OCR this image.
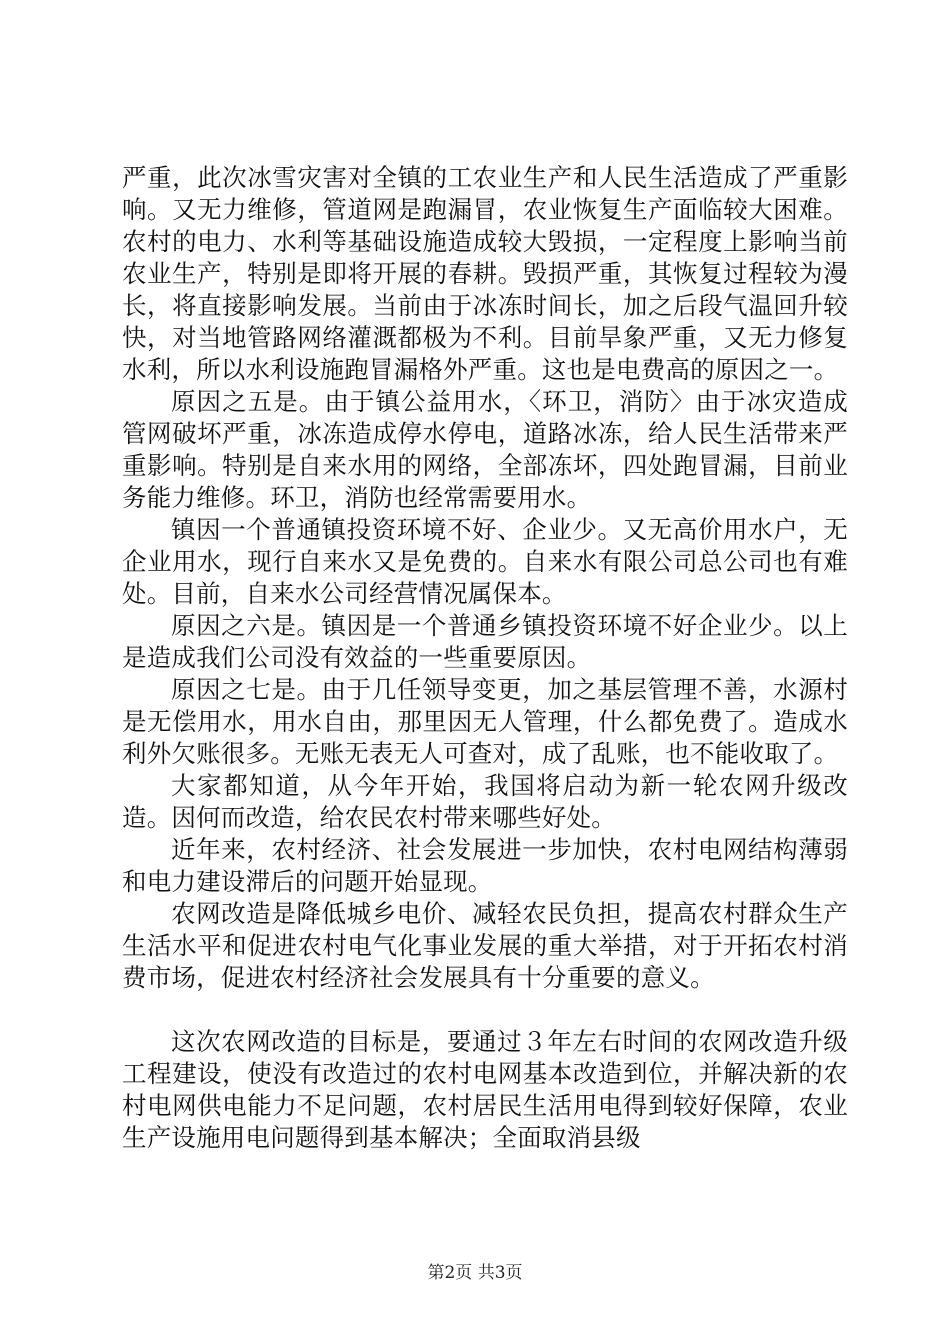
严重，此次冰雪灾害对全镇的工农业生产和人民生活造成了严重影响。又无力维修，管道网是跑漏冒，农业恢复生产面临较大困难。农村的电力、水利等基础设施造成较大毁损，一定程度上影响当前农业生产，特别是即将开展的春耕。毁损严重，其恢复过程较为漫长，将直接影响发展。当前由于冰冻时间长，加之后段气温回升较快，对当地管路网络灌溉都极为不利。目前旱象严重，又无力修复水利，所以水利设施跑冒漏格外严重。这也是电费高的原因之一。

原因之五是。由于镇公益用水，〈环卫，消防〉由于冰灾造成管网破坏严重，冰冻造成停水停电，道路冰冻，给人民生活带来严重影响。特别是自来水用的网络，全部冻坏，四处跑冒漏，目前业务能力维修。环卫，消防也经常需要用水。

镇因一个普通镇投资环境不好、企业少。又无高价用水户，无企业用水，现行自来水又是免费的。自来水有限公司总公司也有难处。目前，自来水公司经营情况属保本。

原因之六是。镇因是一个普通乡镇投资环境不好企业少。以上是造成我们公司没有效益的一些重要原因。

原因之七是。由于几任领导变更，加之基层管理不善，水源村是无偿用水，用水自由，那里因无人管理，什么都免费了。造成水利外欠账很多。无账无表无人可查对，成了乱账，也不能收取了。

大家都知道，从今年开始，我国将启动为新一轮农网升级改造。因何而改造，给农民农村带来哪些好处。

近年来，农村经济、社会发展进一步加快，农村电网结构薄弱和电力建设滞后的问题开始显现。

农网改造是降低城乡电价、减轻农民负担，提高农村群众生产生活水平和促进农村电气化事业发展的重大举措，对于开拓农村消费市场，促进农村经济社会发展具有十分重要的意义。

这次农网改造的目标是，要通过３年左右时间的农网改造升级工程建设，使没有改造过的农村电网基本改造到位，并解决新的农村电网供电能力不足问题，农村居民生活用电得到较好保障，农业生产设施用电问题得到基本解决；全面取消县级

第2页 共3页
